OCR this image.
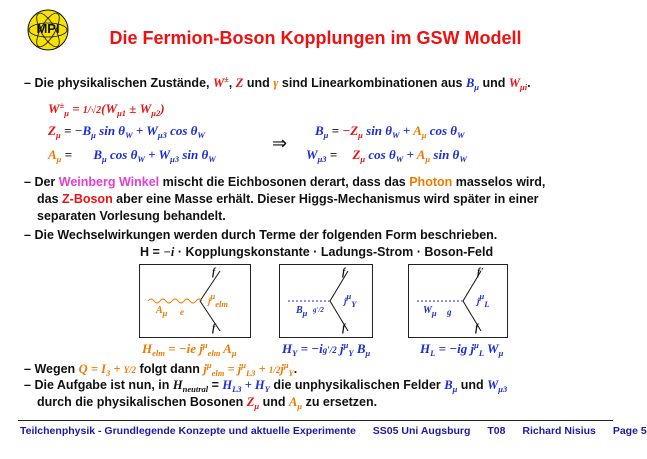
MPI	Die Fermion-Boson Kopplungen im GSW Modell
– Die physikalischen Zustände, W±, Z und γ sind Linearkombinationen aus $B_\mu$ und $W_{\mu i}$.
$W^\pm_\mu = 1/√2(W_{\mu 1} \pm W_{\mu 2})$
$Z_\mu = -B_\mu$ $\sin \theta_W + W_{\mu 3}$ $\cos \theta_W$
$A_\mu = B_\mu$ $\cos \theta_W + W_{\mu 3}$ $\sin \theta_W$
⇒
$B_\mu = -Z_\mu$ $\sin \theta_W + A_\mu$ $\cos \theta_W$
$W_{\mu 3} = Z_\mu$ $\cos \theta_W + A_\mu$ $\sin \theta_W$
– Der Weinberg Winkel mischt die Eichbosonen derart, dass das Photon masselos wird,
das Z-Boson aber eine Masse erhält. Dieser Higgs-Mechanismus wird später in einer
separaten Vorlesung behandelt.
– Die Wechselwirkungen werden durch Terme der folgenden Form beschrieben.
H = −i · Kopplungskonstante · Ladungs-Strom · Boson-Feld
f
f
$A_\mu$ e
jμelm
f
f
$B_\mu$ g'/2
jμY
f'
f
$W_\mu$ g
jμL
$H_{elm} = -ie$ $j^\mu_{elm}$ $A_\mu$	$H_Y = -ig'/2$ $j^\mu_Y$ $B_\mu$	$H_L = -ig$ $j^\mu_L$ $W_\mu$
– Wegen $Q = I_3 + Y/2$ folgt dann $j^\mu_{elm} = j^\mu_{L3} + 1/2j^\mu_Y$.
– Die Aufgabe ist nun, in $H_{neutral} = H_{L3} + H_Y$ die unphysikalischen Felder $B_\mu$ und $W_{\mu 3}$
durch die physikalischen Bosonen $Z_\mu$ und $A_\mu$ zu ersetzen.
Teilchenphysik - Grundlegende Konzepte und aktuelle Experimente SS05 Uni Augsburg T08 Richard Nisius Page 5
